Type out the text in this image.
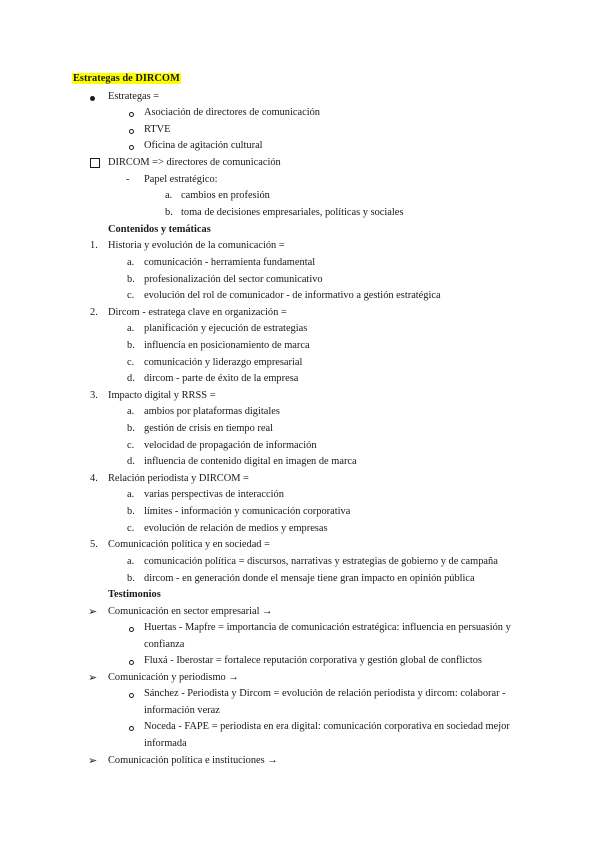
Estrategas de DIRCOM
Estrategas =
Asociación de directores de comunicación
RTVE
Oficina de agitación cultural
DIRCOM => directores de comunicación
- Papel estratégico:
a. cambios en profesión
b. toma de decisiones empresariales, políticas y sociales
Contenidos y temáticas
1. Historia y evolución de la comunicación =
a. comunicación - herramienta fundamental
b. profesionalización del sector comunicativo
c. evolución del rol de comunicador - de informativo a gestión estratégica
2. Dircom - estratega clave en organización =
a. planificación y ejecución de estrategias
b. influencia en posicionamiento de marca
c. comunicación y liderazgo empresarial
d. dircom - parte de éxito de la empresa
3. Impacto digital y RRSS =
a. ambios por plataformas digitales
b. gestión de crisis en tiempo real
c. velocidad de propagación de información
d. influencia de contenido digital en imagen de marca
4. Relación periodista y DIRCOM =
a. varias perspectivas de interacción
b. límites - información y comunicación corporativa
c. evolución de relación de medios y empresas
5. Comunicación política y en sociedad =
a. comunicación política = discursos, narrativas y estrategias de gobierno y de campaña
b. dircom - en generación donde el mensaje tiene gran impacto en opinión pública
Testimonios
➢ Comunicación en sector empresarial →
Huertas - Mapfre = importancia de comunicación estratégica: influencia en persuasión y
confianza
Fluxá - Iberostar = fortalece reputación corporativa y gestión global de conflictos
➢ Comunicación y periodismo →
Sánchez - Periodista y Dircom = evolución de relación periodista y dircom: colaborar -
información veraz
Noceda - FAPE = periodista en era digital: comunicación corporativa en sociedad mejor
informada
➢ Comunicación política e instituciones →
